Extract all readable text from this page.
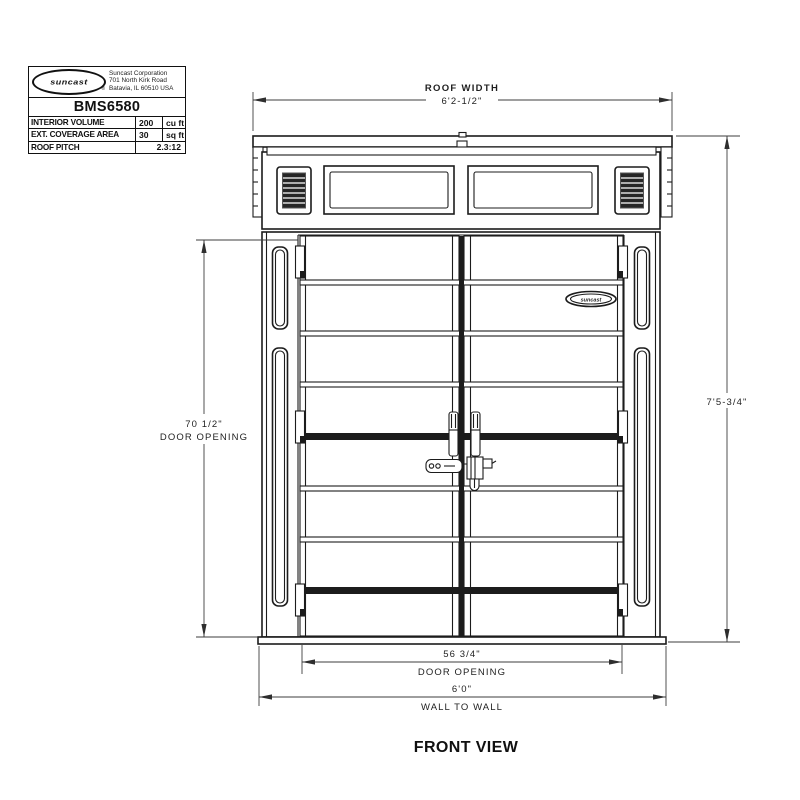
suncast
®
Suncast Corporation
701 North Kirk Road
Batavia, IL 60510 USA
BMS6580
INTERIOR VOLUME	200	cu ft
EXT. COVERAGE AREA	30	sq ft
ROOF PITCH	2.3:12
suncast
ROOF WIDTH
6'2-1/2"
70 1/2"
DOOR OPENING
7'5-3/4"
56 3/4"
DOOR OPENING
6'0"
WALL TO WALL
FRONT VIEW
